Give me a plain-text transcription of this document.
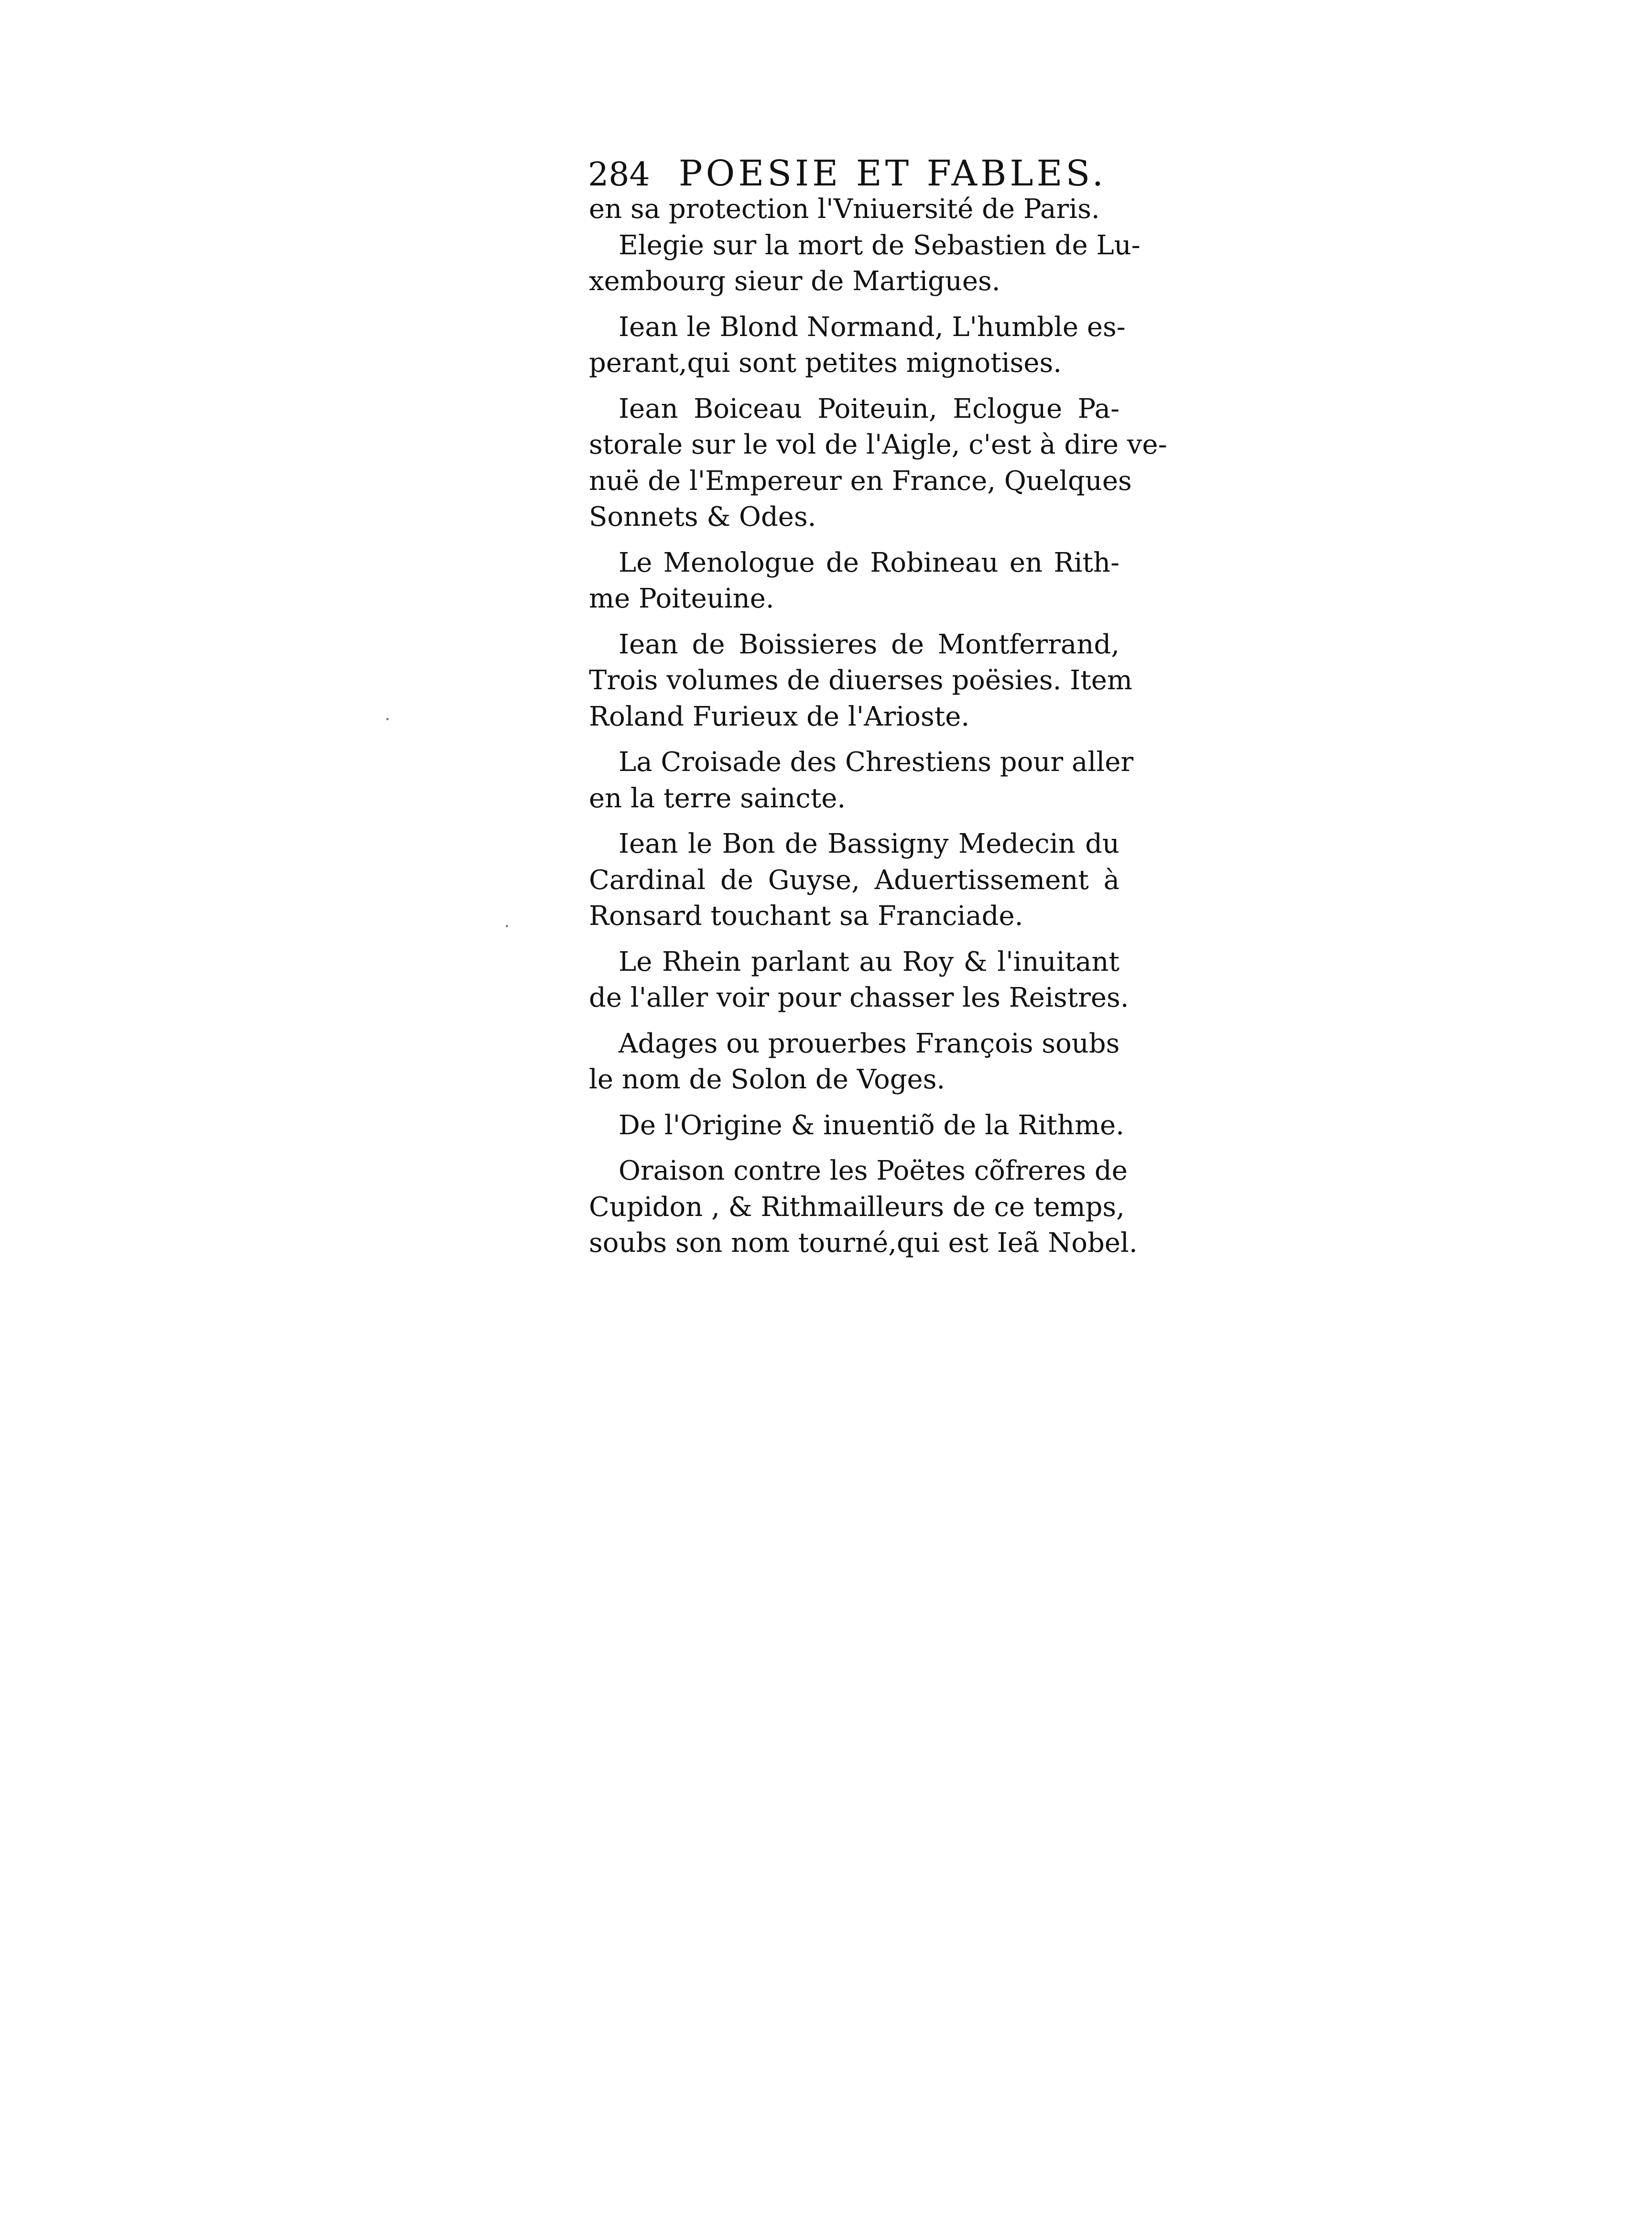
284 POESIE ET FABLES.
en sa protection l'Vniuersité de Paris.
Elegie sur la mort de Sebastien de Lu-
xembourg sieur de Martigues.
Iean le Blond Normand, L'humble es-
perant,qui sont petites mignotises.
Iean Boiceau Poiteuin, Eclogue Pa-
storale sur le vol de l'Aigle, c'est à dire ve-
nuë de l'Empereur en France, Quelques
Sonnets & Odes.
Le Menologue de Robineau en Rith-
me Poiteuine.
Iean de Boissieres de Montferrand,
Trois volumes de diuerses poësies. Item
Roland Furieux de l'Arioste.
La Croisade des Chrestiens pour aller
en la terre saincte.
Iean le Bon de Bassigny Medecin du
Cardinal de Guyse, Aduertissement à
Ronsard touchant sa Franciade.
Le Rhein parlant au Roy & l'inuitant
de l'aller voir pour chasser les Reistres.
Adages ou prouerbes François soubs
le nom de Solon de Voges.
De l'Origine & inuentiõ de la Rithme.
Oraison contre les Poëtes cõfreres de
Cupidon , & Rithmailleurs de ce temps,
soubs son nom tourné,qui est Ieã Nobel.
